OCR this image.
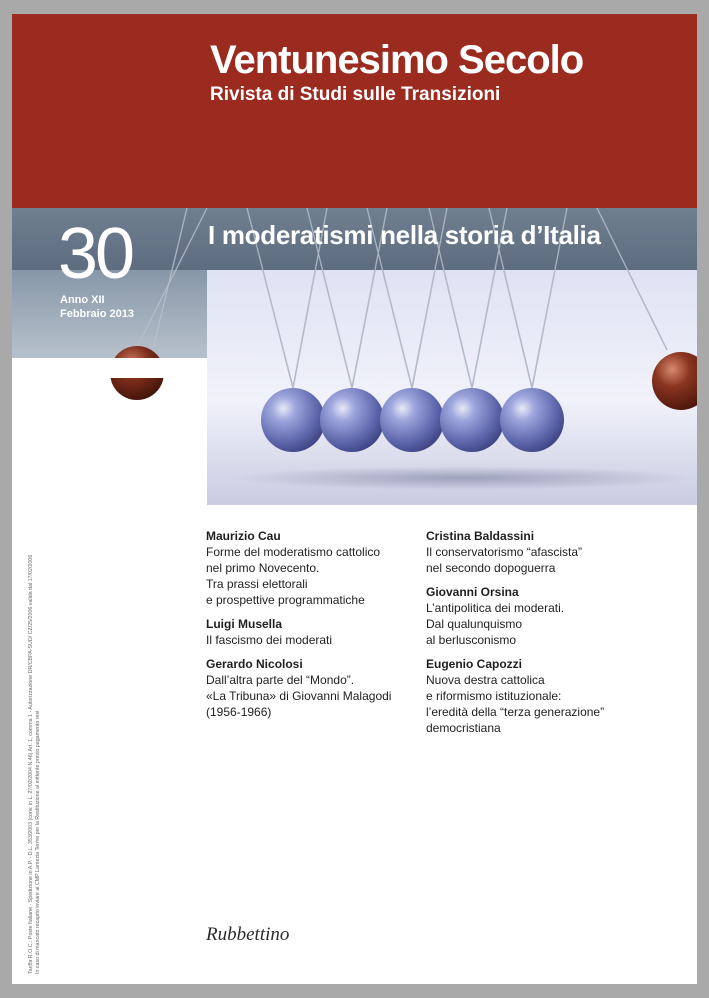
Ventunesimo Secolo
Rivista di Studi sulle Transizioni
30
Anno XII
Febbraio 2013
I moderatismi nella storia d’Italia
Tariffa R.O.C.: Poste Italiane - Spedizione in A.P. - D.L. 353/2003 (conv. in L. 27/02/2004 N.46) Art. 1, comma 1 - Autorizzazione DR/CBPA-SUD/ CZ/25/2006 valida dal 17/02/2006 In caso di mancato recapito inviare al CMP Lamezia Terme per la Restituzione al mittente previo pagamento resi

Maurizio Cau

Forme del moderatismo cattolico

nel primo Novecento.

Tra prassi elettorali

e prospettive programmatiche

Luigi Musella

Il fascismo dei moderati

Gerardo Nicolosi

Dall’altra parte del “Mondo”.

«La Tribuna» di Giovanni Malagodi

(1956-1966)

Cristina Baldassini

Il conservatorismo “afascista”

nel secondo dopoguerra

Giovanni Orsina

L’antipolitica dei moderati.

Dal qualunquismo

al berlusconismo

Eugenio Capozzi

Nuova destra cattolica

e riformismo istituzionale:

l’eredità della “terza generazione”

democristiana

Rubbettino
